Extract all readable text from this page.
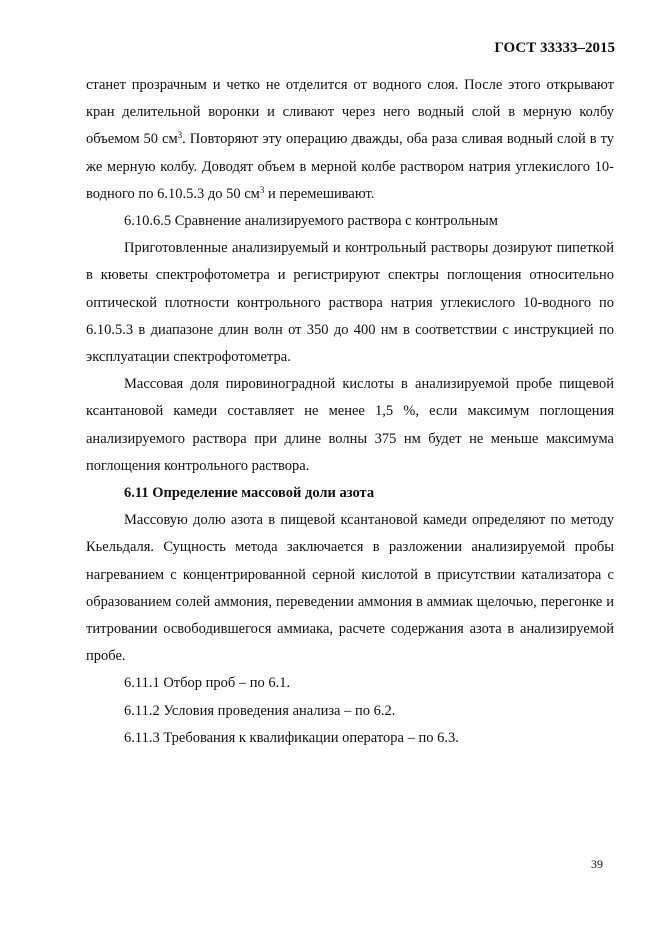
ГОСТ 33333–2015

станет прозрачным и четко не отделится от водного слоя. После этого открывают кран делительной воронки и сливают через него водный слой в мерную колбу объемом 50 $см^3$. Повторяют эту операцию дважды, оба раза сливая водный слой в ту же мерную колбу. Доводят объем в мерной колбе раствором натрия углекислого 10-водного по 6.10.5.3 до 50 $см^3$ и перемешивают.

6.10.6.5 Сравнение анализируемого раствора с контрольным

Приготовленные анализируемый и контрольный растворы дозируют пипеткой в кюветы спектрофотометра и регистрируют спектры поглощения относительно оптической плотности контрольного раствора натрия углекислого 10-водного по 6.10.5.3 в диапазоне длин волн от 350 до 400 нм в соответствии с инструкцией по эксплуатации спектрофотометра.

Массовая доля пировиноградной кислоты в анализируемой пробе пищевой ксантановой камеди составляет не менее 1,5 %, если максимум поглощения анализируемого раствора при длине волны 375 нм будет не меньше максимума поглощения контрольного раствора.

6.11 Определение массовой доли азота

Массовую долю азота в пищевой ксантановой камеди определяют по методу Кьельдаля. Сущность метода заключается в разложении анализируемой пробы нагреванием с концентрированной серной кислотой в присутствии катализатора с образованием солей аммония, переведении аммония в аммиак щелочью, перегонке и титровании освободившегося аммиака, расчете содержания азота в анализируемой пробе.

6.11.1 Отбор проб – по 6.1.

6.11.2 Условия проведения анализа – по 6.2.

6.11.3 Требования к квалификации оператора – по 6.3.

39
